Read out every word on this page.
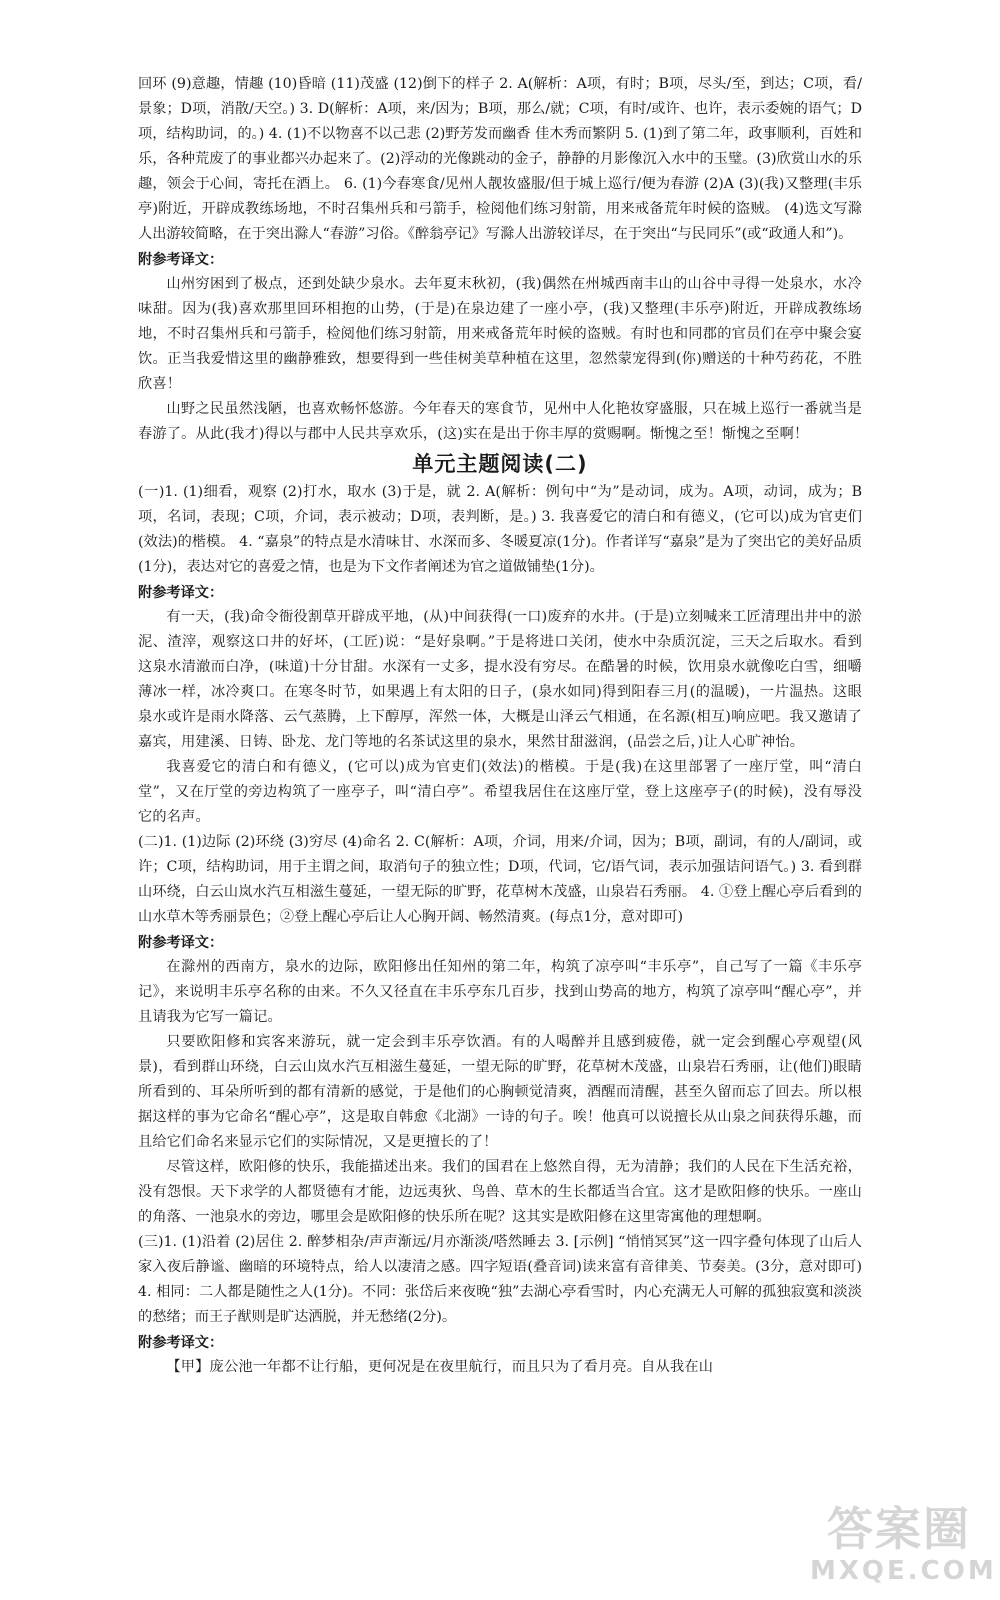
回环 (9)意趣，情趣 (10)昏暗 (11)茂盛 (12)倒下的样子 2. A(解析：A项，有时；B项，尽头/至，到达；C项，看/景象；D项，消散/天空。) 3. D(解析：A项，来/因为；B项，那么/就；C项，有时/或许、也许，表示委婉的语气；D项，结构助词，的。) 4. (1)不以物喜不以己悲 (2)野芳发而幽香 佳木秀而繁阴 5. (1)到了第二年，政事顺利，百姓和乐，各种荒废了的事业都兴办起来了。(2)浮动的光像跳动的金子，静静的月影像沉入水中的玉璧。(3)欣赏山水的乐趣，领会于心间，寄托在酒上。 6. (1)今春寒食/见州人靓妆盛服/但于城上巡行/便为春游 (2)A (3)(我)又整理(丰乐亭)附近，开辟成教练场地，不时召集州兵和弓箭手，检阅他们练习射箭，用来戒备荒年时候的盗贼。 (4)选文写滁人出游较简略，在于突出滁人“春游”习俗。《醉翁亭记》写滁人出游较详尽，在于突出“与民同乐”(或“政通人和”)。

附参考译文：

山州穷困到了极点，还到处缺少泉水。去年夏末秋初，(我)偶然在州城西南丰山的山谷中寻得一处泉水，水冷味甜。因为(我)喜欢那里回环相抱的山势，(于是)在泉边建了一座小亭，(我)又整理(丰乐亭)附近，开辟成教练场地，不时召集州兵和弓箭手，检阅他们练习射箭，用来戒备荒年时候的盗贼。有时也和同郡的官员们在亭中聚会宴饮。正当我爱惜这里的幽静雅致，想要得到一些佳树美草种植在这里，忽然蒙宠得到(你)赠送的十种芍药花，不胜欣喜！

山野之民虽然浅陋，也喜欢畅怀悠游。今年春天的寒食节，见州中人化艳妆穿盛服，只在城上巡行一番就当是春游了。从此(我才)得以与郡中人民共享欢乐，(这)实在是出于你丰厚的赏赐啊。惭愧之至！惭愧之至啊！

单元主题阅读(二)

(一)1. (1)细看，观察 (2)打水，取水 (3)于是，就 2. A(解析：例句中“为”是动词，成为。A项，动词，成为；B项，名词，表现；C项，介词，表示被动；D项，表判断，是。) 3. 我喜爱它的清白和有德义，(它可以)成为官吏们(效法)的楷模。 4. “嘉泉”的特点是水清味甘、水深而多、冬暖夏凉(1分)。作者详写“嘉泉”是为了突出它的美好品质(1分)，表达对它的喜爱之情，也是为下文作者阐述为官之道做铺垫(1分)。

附参考译文：

有一天，(我)命令衙役割草开辟成平地，(从)中间获得(一口)废弃的水井。(于是)立刻喊来工匠清理出井中的淤泥、渣滓，观察这口井的好坏，(工匠)说：“是好泉啊。”于是将进口关闭，使水中杂质沉淀，三天之后取水。看到这泉水清澈而白净，(味道)十分甘甜。水深有一丈多，提水没有穷尽。在酷暑的时候，饮用泉水就像吃白雪，细嚼薄冰一样，冰冷爽口。在寒冬时节，如果遇上有太阳的日子，(泉水如同)得到阳春三月(的温暖)，一片温热。这眼泉水或许是雨水降落、云气蒸腾，上下醇厚，浑然一体，大概是山泽云气相通，在名源(相互)响应吧。我又邀请了嘉宾，用建溪、日铸、卧龙、龙门等地的名茶试这里的泉水，果然甘甜滋润，(品尝之后，)让人心旷神怡。

我喜爱它的清白和有德义，(它可以)成为官吏们(效法)的楷模。于是(我)在这里部署了一座厅堂，叫“清白堂”，又在厅堂的旁边构筑了一座亭子，叫“清白亭”。希望我居住在这座厅堂，登上这座亭子(的时候)，没有辱没它的名声。

(二)1. (1)边际 (2)环绕 (3)穷尽 (4)命名 2. C(解析：A项，介词，用来/介词，因为；B项，副词，有的人/副词，或许；C项，结构助词，用于主谓之间，取消句子的独立性；D项，代词，它/语气词，表示加强诘问语气。) 3. 看到群山环绕，白云山岚水汽互相滋生蔓延，一望无际的旷野，花草树木茂盛，山泉岩石秀丽。 4. ①登上醒心亭后看到的山水草木等秀丽景色；②登上醒心亭后让人心胸开阔、畅然清爽。(每点1分，意对即可)

附参考译文：

在滁州的西南方，泉水的边际，欧阳修出任知州的第二年，构筑了凉亭叫“丰乐亭”，自己写了一篇《丰乐亭记》，来说明丰乐亭名称的由来。不久又径直在丰乐亭东几百步，找到山势高的地方，构筑了凉亭叫“醒心亭”，并且请我为它写一篇记。

只要欧阳修和宾客来游玩，就一定会到丰乐亭饮酒。有的人喝醉并且感到疲倦，就一定会到醒心亭观望(风景)，看到群山环绕，白云山岚水汽互相滋生蔓延，一望无际的旷野，花草树木茂盛，山泉岩石秀丽，让(他们)眼睛所看到的、耳朵所听到的都有清新的感觉，于是他们的心胸顿觉清爽，酒醒而清醒，甚至久留而忘了回去。所以根据这样的事为它命名“醒心亭”，这是取自韩愈《北湖》一诗的句子。唉！他真可以说擅长从山泉之间获得乐趣，而且给它们命名来显示它们的实际情况，又是更擅长的了！

尽管这样，欧阳修的快乐，我能描述出来。我们的国君在上悠然自得，无为清静；我们的人民在下生活充裕，没有怨恨。天下求学的人都贤德有才能，边远夷狄、鸟兽、草木的生长都适当合宜。这才是欧阳修的快乐。一座山的角落、一池泉水的旁边，哪里会是欧阳修的快乐所在呢？这其实是欧阳修在这里寄寓他的理想啊。

(三)1. (1)沿着 (2)居住 2. 醉梦相杂/声声渐远/月亦渐淡/嗒然睡去 3. [示例] “悄悄冥冥”这一四字叠句体现了山后人家入夜后静谧、幽暗的环境特点，给人以凄清之感。四字短语(叠音词)读来富有音律美、节奏美。(3分，意对即可) 4. 相同：二人都是随性之人(1分)。不同：张岱后来夜晚“独”去湖心亭看雪时，内心充满无人可解的孤独寂寞和淡淡的愁绪；而王子猷则是旷达洒脱，并无愁绪(2分)。

附参考译文：

【甲】庞公池一年都不让行船，更何况是在夜里航行，而且只为了看月亮。自从我在山

答案圈
MXQE.COM
